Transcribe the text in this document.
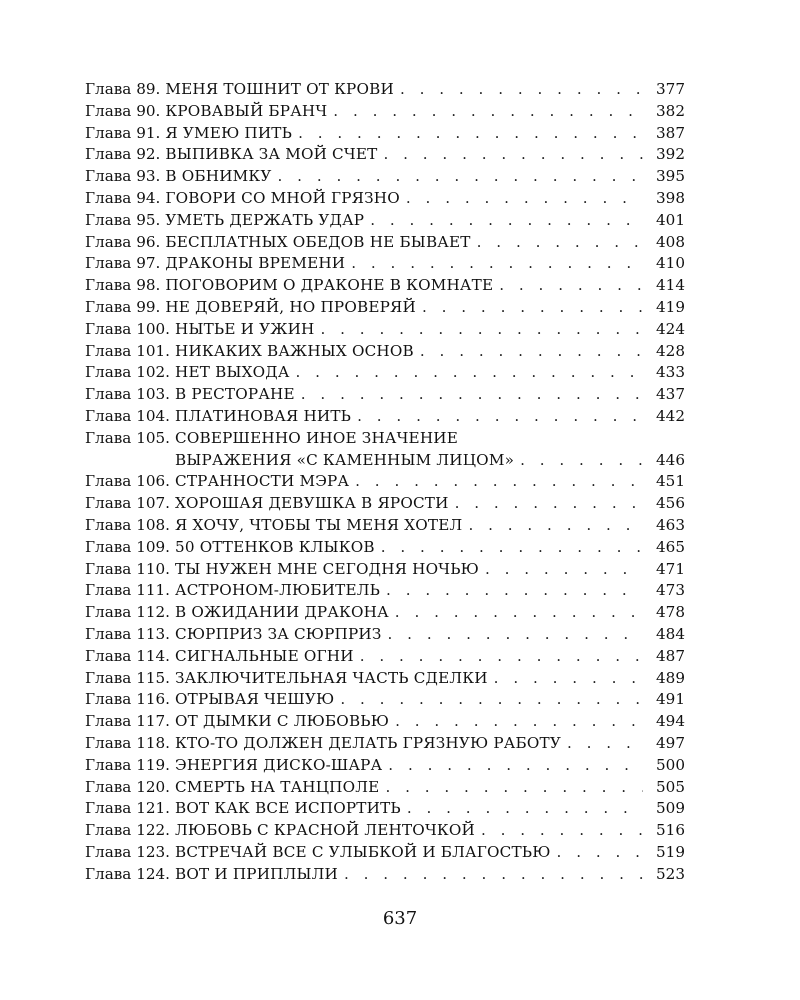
Глава 89. МЕНЯ ТОШНИТ ОТ КРОВИ . . .	377
Глава 90. КРОВАВЫЙ БРАНЧ . . .	382
Глава 91. Я УМЕЮ ПИТЬ . . .	387
Глава 92. ВЫПИВКА ЗА МОЙ СЧЕТ . . .	392
Глава 93. В ОБНИМКУ . . .	395
Глава 94. ГОВОРИ СО МНОЙ ГРЯЗНО . . .	398
Глава 95. УМЕТЬ ДЕРЖАТЬ УДАР . . .	401
Глава 96. БЕСПЛАТНЫХ ОБЕДОВ НЕ БЫВАЕТ . . .	408
Глава 97. ДРАКОНЫ ВРЕМЕНИ . . .	410
Глава 98. ПОГОВОРИМ О ДРАКОНЕ В КОМНАТЕ . . .	414
Глава 99. НЕ ДОВЕРЯЙ, НО ПРОВЕРЯЙ . . .	419
Глава 100. НЫТЬЕ И УЖИН . . .	424
Глава 101. НИКАКИХ ВАЖНЫХ ОСНОВ . . .	428
Глава 102. НЕТ ВЫХОДА . . .	433
Глава 103. В РЕСТОРАНЕ . . .	437
Глава 104. ПЛАТИНОВАЯ НИТЬ . . .	442
Глава 105. СОВЕРШЕННО ИНОЕ ЗНАЧЕНИЕ
ВЫРАЖЕНИЯ «С КАМЕННЫМ ЛИЦОМ» . . .	446
Глава 106. СТРАННОСТИ МЭРА . . .	451
Глава 107. ХОРОШАЯ ДЕВУШКА В ЯРОСТИ . . .	456
Глава 108. Я ХОЧУ, ЧТОБЫ ТЫ МЕНЯ ХОТЕЛ . . .	463
Глава 109. 50 ОТТЕНКОВ КЛЫКОВ . . .	465
Глава 110. ТЫ НУЖЕН МНЕ СЕГОДНЯ НОЧЬЮ . . .	471
Глава 111. АСТРОНОМ-ЛЮБИТЕЛЬ . . .	473
Глава 112. В ОЖИДАНИИ ДРАКОНА . . .	478
Глава 113. СЮРПРИЗ ЗА СЮРПРИЗ . . .	484
Глава 114. СИГНАЛЬНЫЕ ОГНИ . . .	487
Глава 115. ЗАКЛЮЧИТЕЛЬНАЯ ЧАСТЬ СДЕЛКИ . . .	489
Глава 116. ОТРЫВАЯ ЧЕШУЮ . . .	491
Глава 117. ОТ ДЫМКИ С ЛЮБОВЬЮ . . .	494
Глава 118. КТО-ТО ДОЛЖЕН ДЕЛАТЬ ГРЯЗНУЮ РАБОТУ . . .	497
Глава 119. ЭНЕРГИЯ ДИСКО-ШАРА . . .	500
Глава 120. СМЕРТЬ НА ТАНЦПОЛЕ . . .	505
Глава 121. ВОТ КАК ВСЕ ИСПОРТИТЬ . . .	509
Глава 122. ЛЮБОВЬ С КРАСНОЙ ЛЕНТОЧКОЙ . . .	516
Глава 123. ВСТРЕЧАЙ ВСЕ С УЛЫБКОЙ И БЛАГОСТЬЮ . . .	519
Глава 124. ВОТ И ПРИПЛЫЛИ . . .	523
637
